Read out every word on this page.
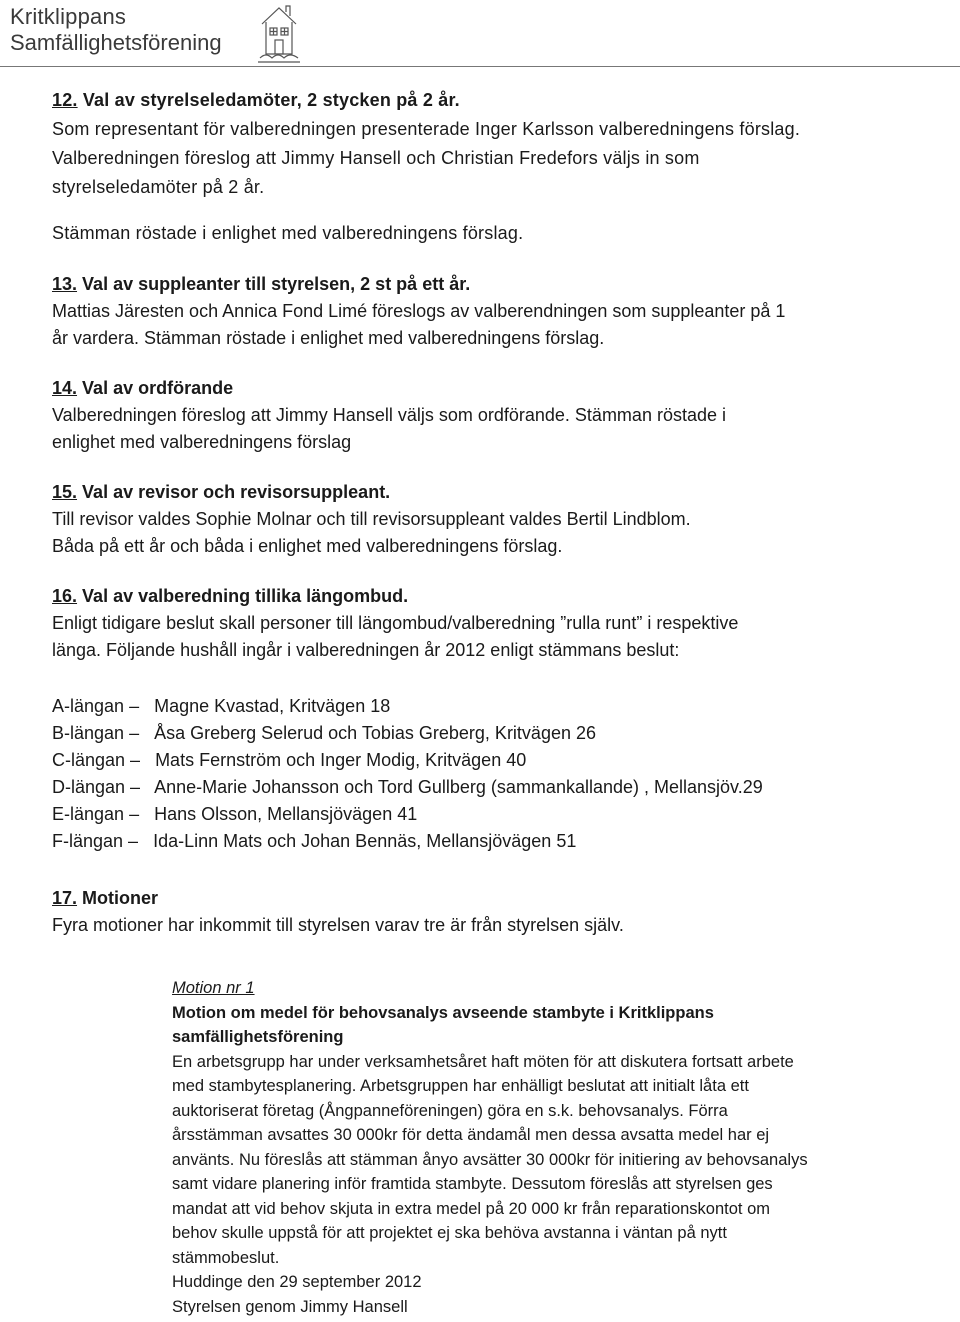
Kritklippans
Samfällighetsförening

12. Val av styrelseledamöter, 2 stycken på 2 år.

Som representant för valberedningen presenterade Inger Karlsson valberedningens förslag.

Valberedningen föreslog att Jimmy Hansell och Christian Fredefors väljs in som

styrelseledamöter på 2 år.

Stämman röstade i enlighet med valberedningens förslag.

13. Val av suppleanter till styrelsen, 2 st på ett år.

Mattias Järesten och Annica Fond Limé föreslogs av valberendningen som suppleanter på 1

år vardera. Stämman röstade i enlighet med valberedningens förslag.

14. Val av ordförande

Valberedningen föreslog att Jimmy Hansell väljs som ordförande. Stämman röstade i

enlighet med valberedningens förslag

15. Val av revisor och revisorsuppleant.

Till revisor valdes Sophie Molnar och till revisorsuppleant valdes Bertil Lindblom.

Båda på ett år och båda i enlighet med valberedningens förslag.

16. Val av valberedning tillika längombud.

Enligt tidigare beslut skall personer till längombud/valberedning ”rulla runt” i respektive

länga. Följande hushåll ingår i valberedningen år 2012 enligt stämmans beslut:

A-längan –   Magne Kvastad, Kritvägen 18
B-längan –   Åsa Greberg Selerud och Tobias Greberg, Kritvägen 26
C-längan –   Mats Fernström och Inger Modig, Kritvägen 40
D-längan –   Anne-Marie Johansson och Tord Gullberg (sammankallande) , Mellansjöv.29
E-längan –   Hans Olsson, Mellansjövägen 41
F-längan –   Ida-Linn Mats och Johan Bennäs, Mellansjövägen 51

17. Motioner

Fyra motioner har inkommit till styrelsen varav tre är från styrelsen själv.

Motion nr 1

Motion om medel för behovsanalys avseende stambyte i Kritklippans

samfällighetsförening

En arbetsgrupp har under verksamhetsåret haft möten för att diskutera fortsatt arbete

med stambytesplanering. Arbetsgruppen har enhälligt beslutat att initialt låta ett

auktoriserat företag (Ångpanneföreningen) göra en s.k. behovsanalys. Förra

årsstämman avsattes 30 000kr för detta ändamål men dessa avsatta medel har ej

använts. Nu föreslås att stämman ånyo avsätter 30 000kr för initiering av behovsanalys

samt vidare planering inför framtida stambyte. Dessutom föreslås att styrelsen ges

mandat att vid behov skjuta in extra medel på 20 000 kr från reparationskontot om

behov skulle uppstå för att projektet ej ska behöva avstanna i väntan på nytt

stämmobeslut.

Huddinge den 29 september 2012

Styrelsen genom Jimmy Hansell
